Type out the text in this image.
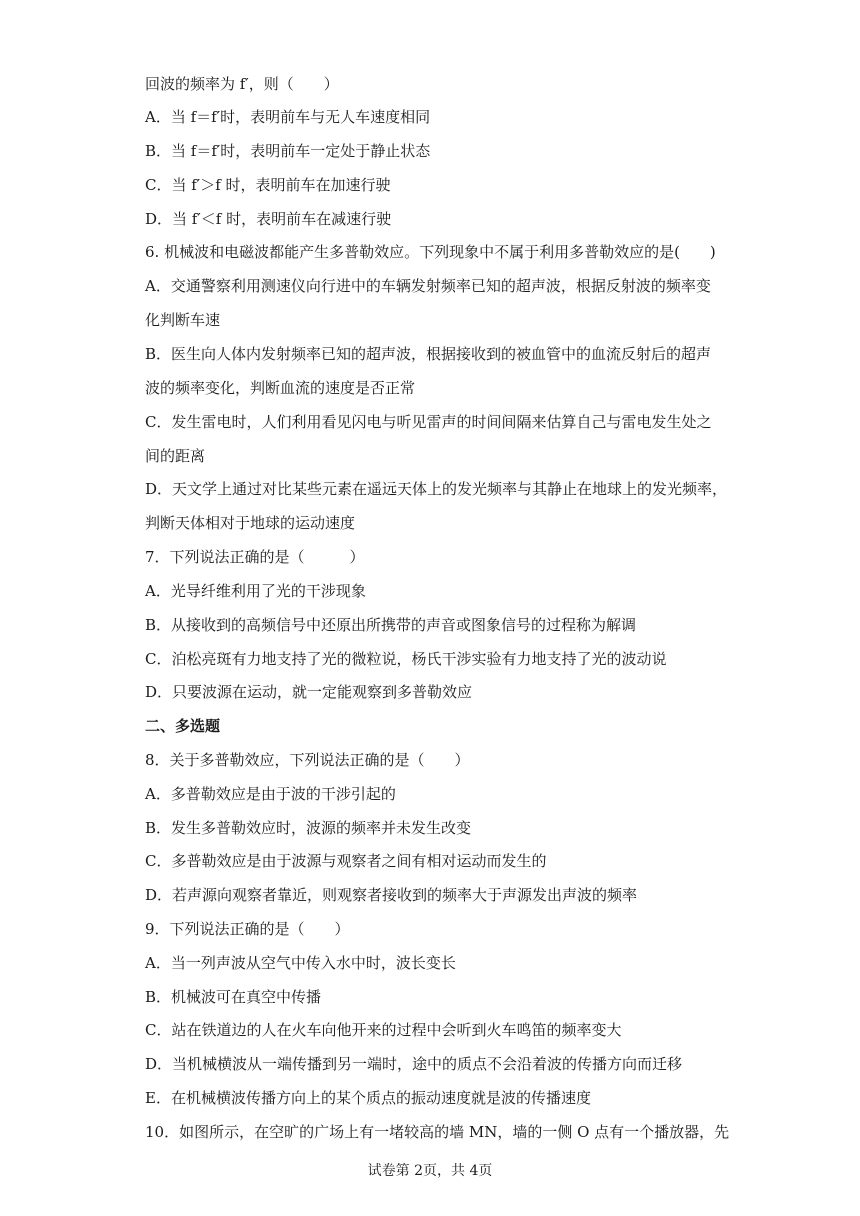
回波的频率为 f′，则（　　）
A．当 f＝f′时，表明前车与无人车速度相同
B．当 f＝f′时，表明前车一定处于静止状态
C．当 f′＞f 时，表明前车在加速行驶
D．当 f′＜f 时，表明前车在减速行驶
6. 机械波和电磁波都能产生多普勒效应。下列现象中不属于利用多普勒效应的是(　　)
A．交通警察利用测速仪向行进中的车辆发射频率已知的超声波，根据反射波的频率变
化判断车速
B．医生向人体内发射频率已知的超声波，根据接收到的被血管中的血流反射后的超声
波的频率变化，判断血流的速度是否正常
C．发生雷电时，人们利用看见闪电与听见雷声的时间间隔来估算自己与雷电发生处之
间的距离
D．天文学上通过对比某些元素在遥远天体上的发光频率与其静止在地球上的发光频率，
判断天体相对于地球的运动速度
7．下列说法正确的是（　　　）
A．光导纤维利用了光的干涉现象
B．从接收到的高频信号中还原出所携带的声音或图象信号的过程称为解调
C．泊松亮斑有力地支持了光的微粒说，杨氏干涉实验有力地支持了光的波动说
D．只要波源在运动，就一定能观察到多普勒效应
二、多选题
8．关于多普勒效应，下列说法正确的是（　　）
A．多普勒效应是由于波的干涉引起的
B．发生多普勒效应时，波源的频率并未发生改变
C．多普勒效应是由于波源与观察者之间有相对运动而发生的
D．若声源向观察者靠近，则观察者接收到的频率大于声源发出声波的频率
9．下列说法正确的是（　　）
A．当一列声波从空气中传入水中时，波长变长
B．机械波可在真空中传播
C．站在铁道边的人在火车向他开来的过程中会听到火车鸣笛的频率变大
D．当机械横波从一端传播到另一端时，途中的质点不会沿着波的传播方向而迁移
E．在机械横波传播方向上的某个质点的振动速度就是波的传播速度
10．如图所示，在空旷的广场上有一堵较高的墙 MN，墙的一侧 O 点有一个播放器，先
试卷第 2页，共 4页
